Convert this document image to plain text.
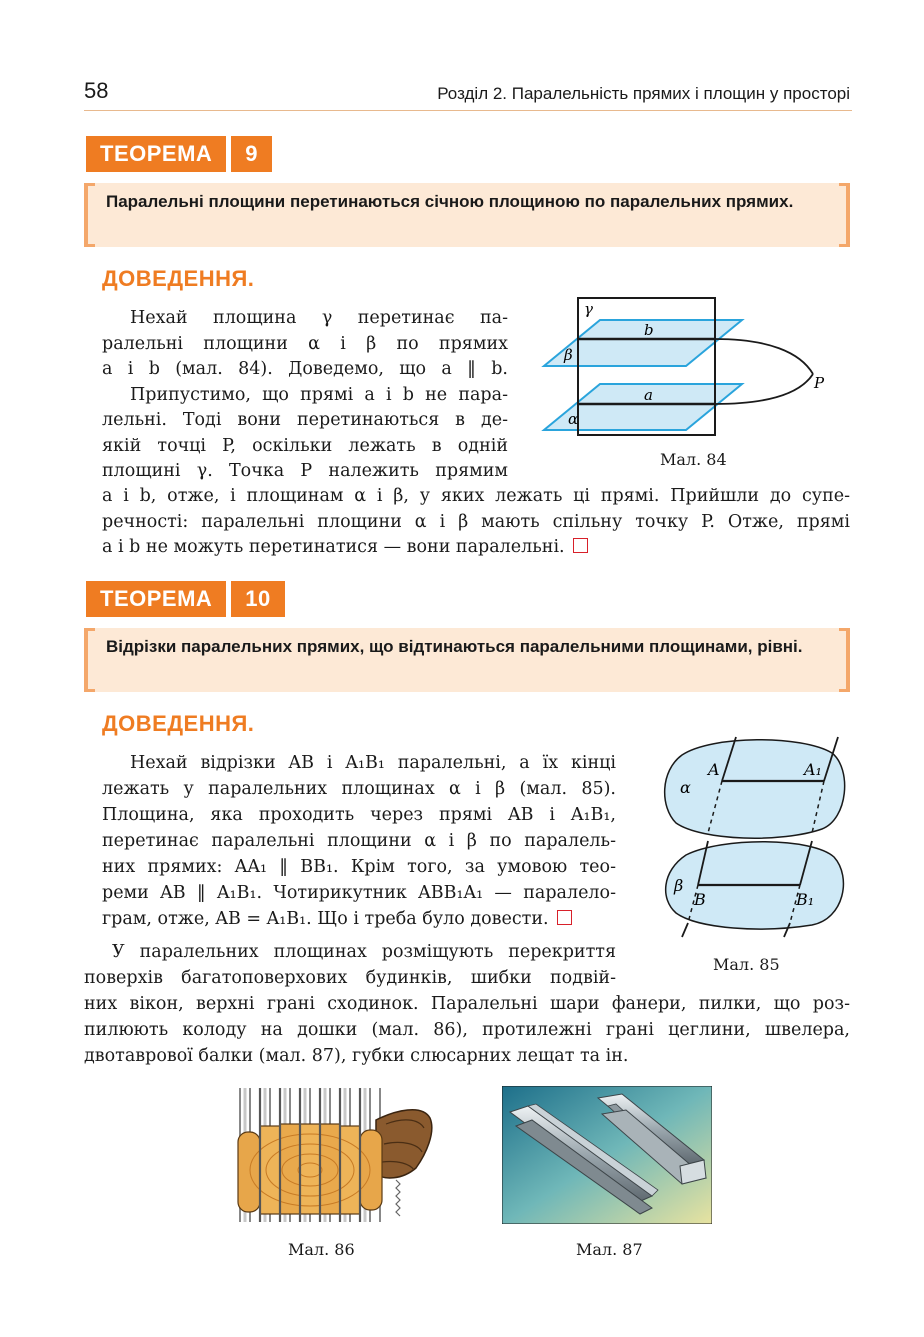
58	Розділ 2. Паралельність прямих і площин у просторі
ТЕОРЕМА	9

Паралельні площини перетинаються січною площиною по паралельних прямих.

ДОВЕДЕННЯ.
Нехай площина γ перетинає па-
ралельні площини α і β по прямих
a і b (мал. 84). Доведемо, що a ‖ b.
Припустимо, що прямі a і b не пара-
лельні. Тоді вони перетинаються в де-
якій точці P, оскільки лежать в одній
площині γ. Точка P належить прямим
a і b, отже, і площинам α і β, у яких лежать ці прямі. Прийшли до супе-
речності: паралельні площини α і β мають спільну точку P. Отже, прямі
a і b не можуть перетинатися — вони паралельні.
γ
β
α
b
a
P
Мал. 84
ТЕОРЕМА	10

Відрізки паралельних прямих, що відтинаються паралельними площинами, рівні.

ДОВЕДЕННЯ.
Нехай відрізки AB і A₁B₁ паралельні, а їх кінці
лежать у паралельних площинах α і β (мал. 85).
Площина, яка проходить через прямі AB і A₁B₁,
перетинає паралельні площини α і β по паралель-
них прямих: AA₁ ‖ BB₁. Крім того, за умовою тео-
реми AB ‖ A₁B₁. Чотирикутник ABB₁A₁ — паралело-
грам, отже, AB = A₁B₁. Що і треба було довести.
α
β
A	A₁
B	B₁
Мал. 85
У паралельних площинах розміщують перекриття
поверхів багатоповерхових будинків, шибки подвій-
них вікон, верхні грані сходинок. Паралельні шари фанери, пилки, що роз-
пилюють колоду на дошки (мал. 86), протилежні грані цеглини, швелера,
двотаврової балки (мал. 87), губки слюсарних лещат та ін.
Мал. 86	Мал. 87
